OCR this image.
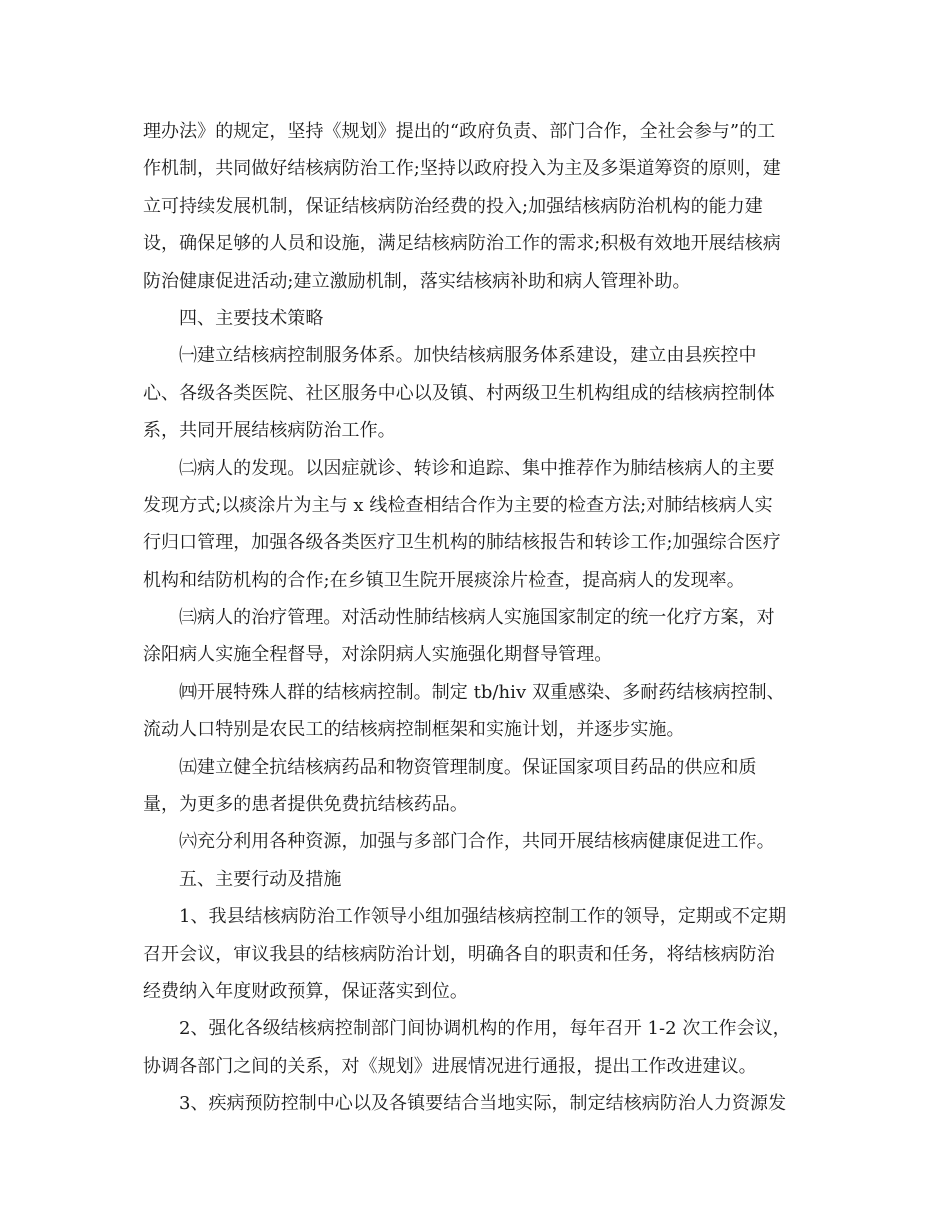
理办法》的规定，坚持《规划》提出的“政府负责、部门合作，全社会参与”的工
作机制，共同做好结核病防治工作;坚持以政府投入为主及多渠道筹资的原则，建
立可持续发展机制，保证结核病防治经费的投入;加强结核病防治机构的能力建
设，确保足够的人员和设施，满足结核病防治工作的需求;积极有效地开展结核病
防治健康促进活动;建立激励机制，落实结核病补助和病人管理补助。
四、主要技术策略
㈠建立结核病控制服务体系。加快结核病服务体系建设，建立由县疾控中
心、各级各类医院、社区服务中心以及镇、村两级卫生机构组成的结核病控制体
系，共同开展结核病防治工作。
㈡病人的发现。以因症就诊、转诊和追踪、集中推荐作为肺结核病人的主要
发现方式;以痰涂片为主与 x 线检查相结合作为主要的检查方法;对肺结核病人实
行归口管理，加强各级各类医疗卫生机构的肺结核报告和转诊工作;加强综合医疗
机构和结防机构的合作;在乡镇卫生院开展痰涂片检查，提高病人的发现率。
㈢病人的治疗管理。对活动性肺结核病人实施国家制定的统一化疗方案，对
涂阳病人实施全程督导，对涂阴病人实施强化期督导管理。
㈣开展特殊人群的结核病控制。制定 tb/hiv 双重感染、多耐药结核病控制、
流动人口特别是农民工的结核病控制框架和实施计划，并逐步实施。
㈤建立健全抗结核病药品和物资管理制度。保证国家项目药品的供应和质
量，为更多的患者提供免费抗结核药品。
㈥充分利用各种资源，加强与多部门合作，共同开展结核病健康促进工作。
五、主要行动及措施
1、我县结核病防治工作领导小组加强结核病控制工作的领导，定期或不定期
召开会议，审议我县的结核病防治计划，明确各自的职责和任务，将结核病防治
经费纳入年度财政预算，保证落实到位。
2、强化各级结核病控制部门间协调机构的作用，每年召开 1-2 次工作会议，
协调各部门之间的关系，对《规划》进展情况进行通报，提出工作改进建议。
3、疾病预防控制中心以及各镇要结合当地实际，制定结核病防治人力资源发
